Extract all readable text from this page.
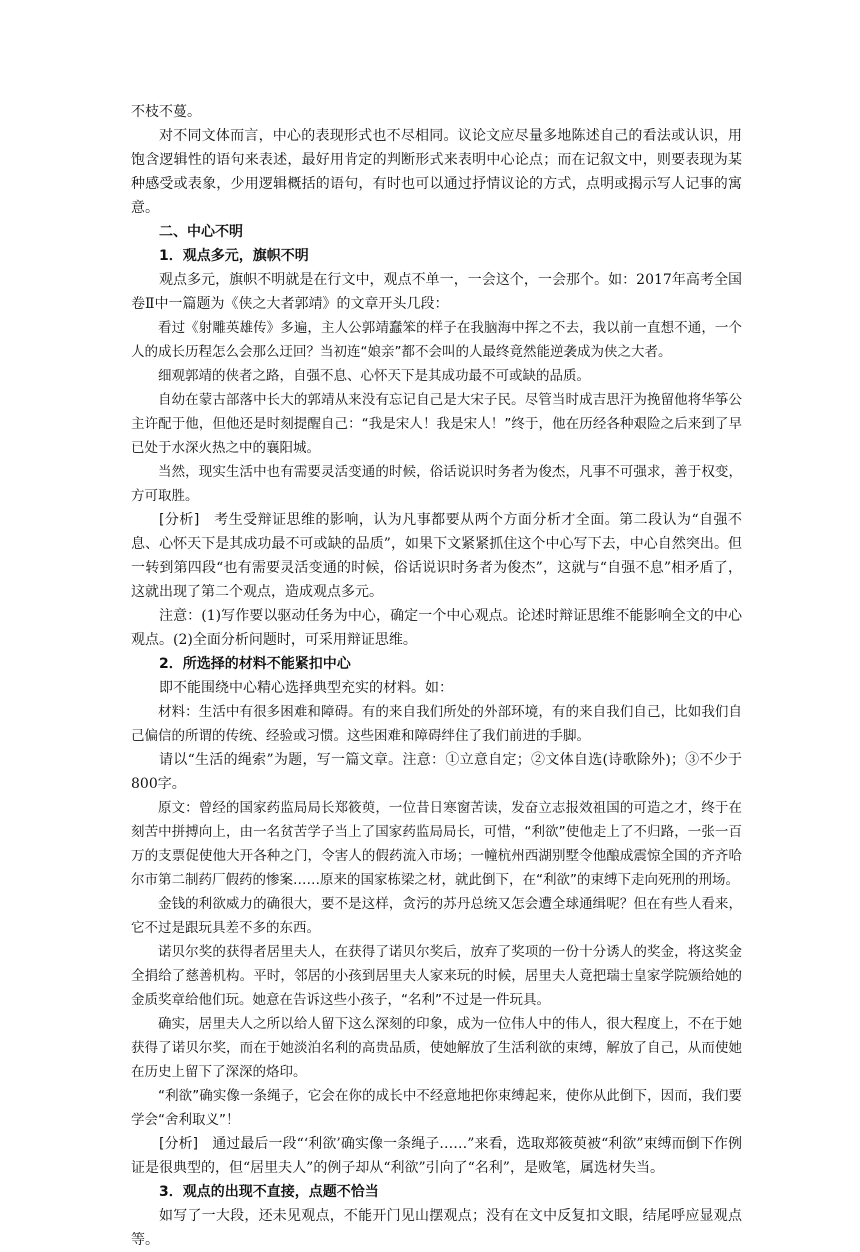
不枝不蔓。

对不同文体而言，中心的表现形式也不尽相同。议论文应尽量多地陈述自己的看法或认识，用饱含逻辑性的语句来表述，最好用肯定的判断形式来表明中心论点；而在记叙文中，则要表现为某种感受或表象，少用逻辑概括的语句，有时也可以通过抒情议论的方式，点明或揭示写人记事的寓意。

二、中心不明

1．观点多元，旗帜不明

观点多元，旗帜不明就是在行文中，观点不单一，一会这个，一会那个。如：2017年高考全国卷Ⅱ中一篇题为《侠之大者郭靖》的文章开头几段：

看过《射雕英雄传》多遍，主人公郭靖蠢笨的样子在我脑海中挥之不去，我以前一直想不通，一个人的成长历程怎么会那么迂回？当初连“娘亲”都不会叫的人最终竟然能逆袭成为侠之大者。

细观郭靖的侠者之路，自强不息、心怀天下是其成功最不可或缺的品质。

自幼在蒙古部落中长大的郭靖从来没有忘记自己是大宋子民。尽管当时成吉思汗为挽留他将华筝公主许配于他，但他还是时刻提醒自己：“我是宋人！我是宋人！”终于，他在历经各种艰险之后来到了早已处于水深火热之中的襄阳城。

当然，现实生活中也有需要灵活变通的时候，俗话说识时务者为俊杰，凡事不可强求，善于权变，方可取胜。

[分析]　考生受辩证思维的影响，认为凡事都要从两个方面分析才全面。第二段认为“自强不息、心怀天下是其成功最不可或缺的品质”，如果下文紧紧抓住这个中心写下去，中心自然突出。但一转到第四段“也有需要灵活变通的时候，俗话说识时务者为俊杰”，这就与“自强不息”相矛盾了，这就出现了第二个观点，造成观点多元。

注意：(1)写作要以驱动任务为中心，确定一个中心观点。论述时辩证思维不能影响全文的中心观点。(2)全面分析问题时，可采用辩证思维。

2．所选择的材料不能紧扣中心

即不能围绕中心精心选择典型充实的材料。如：

材料：生活中有很多困难和障碍。有的来自我们所处的外部环境，有的来自我们自己，比如我们自己偏信的所谓的传统、经验或习惯。这些困难和障碍绊住了我们前进的手脚。

请以“生活的绳索”为题，写一篇文章。注意：①立意自定；②文体自选(诗歌除外)；③不少于800字。

原文：曾经的国家药监局局长郑筱萸，一位昔日寒窗苦读，发奋立志报效祖国的可造之才，终于在刻苦中拼搏向上，由一名贫苦学子当上了国家药监局局长，可惜，“利欲”使他走上了不归路，一张一百万的支票促使他大开各种之门，令害人的假药流入市场；一幢杭州西湖别墅令他酿成震惊全国的齐齐哈尔市第二制药厂假药的惨案……原来的国家栋梁之材，就此倒下，在“利欲”的束缚下走向死刑的刑场。

金钱的利欲威力的确很大，要不是这样，贪污的苏丹总统又怎会遭全球通缉呢？但在有些人看来，它不过是跟玩具差不多的东西。

诺贝尔奖的获得者居里夫人，在获得了诺贝尔奖后，放弃了奖项的一份十分诱人的奖金，将这奖金全捐给了慈善机构。平时，邻居的小孩到居里夫人家来玩的时候，居里夫人竟把瑞士皇家学院颁给她的金质奖章给他们玩。她意在告诉这些小孩子，“名利”不过是一件玩具。

确实，居里夫人之所以给人留下这么深刻的印象，成为一位伟人中的伟人，很大程度上，不在于她获得了诺贝尔奖，而在于她淡泊名利的高贵品质，使她解放了生活利欲的束缚，解放了自己，从而使她在历史上留下了深深的烙印。

“利欲”确实像一条绳子，它会在你的成长中不经意地把你束缚起来，使你从此倒下，因而，我们要学会“舍利取义”！

[分析]　通过最后一段“‘利欲’确实像一条绳子……”来看，选取郑筱萸被“利欲”束缚而倒下作例证是很典型的，但“居里夫人”的例子却从“利欲”引向了“名利”，是败笔，属选材失当。

3．观点的出现不直接，点题不恰当

如写了一大段，还未见观点，不能开门见山摆观点；没有在文中反复扣文眼，结尾呼应显观点等。
